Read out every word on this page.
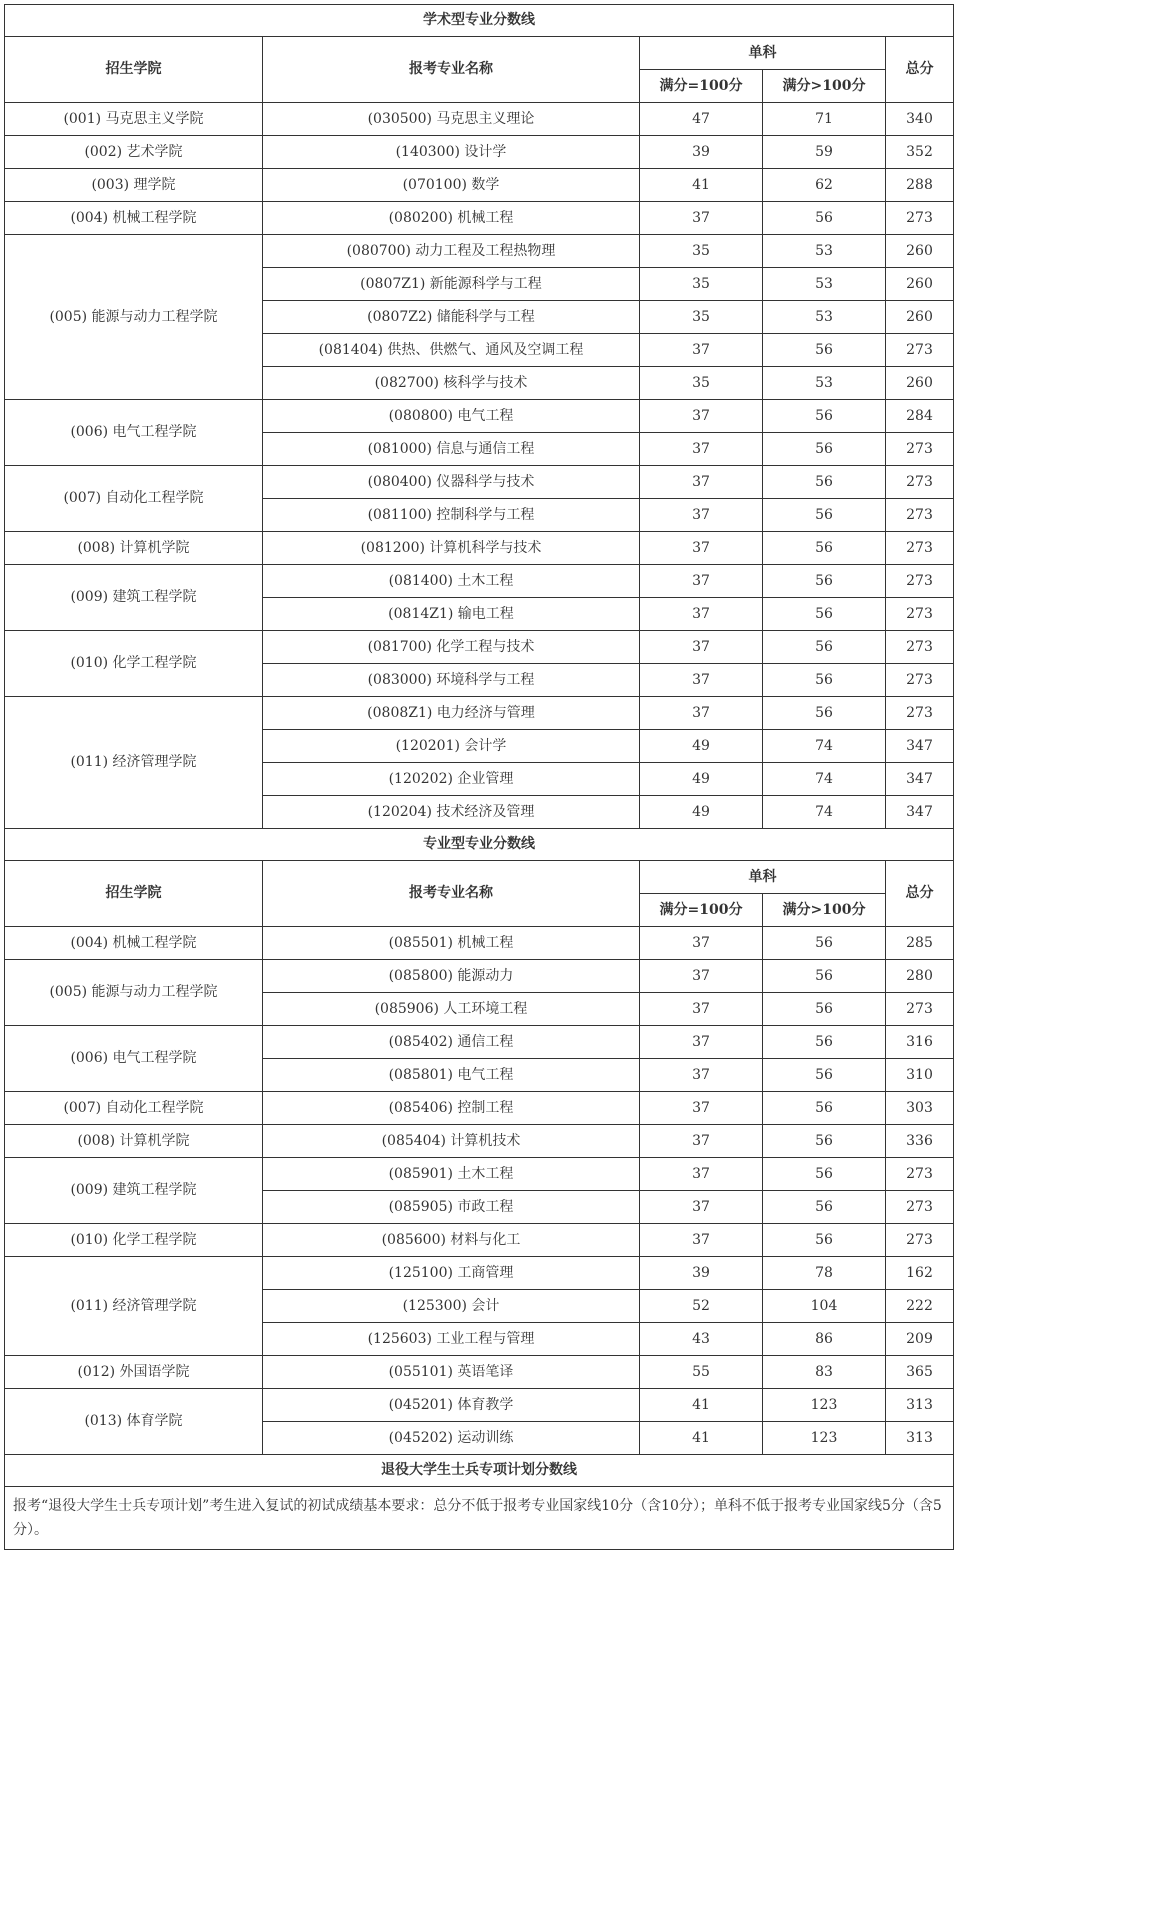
学术型专业分数线				
招生学院	报考专业名称	单科		总分
		满分=100分	满分>100分	
(001) 马克思主义学院	(030500) 马克思主义理论	47	71	340
(002) 艺术学院	(140300) 设计学	39	59	352
(003) 理学院	(070100) 数学	41	62	288
(004) 机械工程学院	(080200) 机械工程	37	56	273
(005) 能源与动力工程学院	(080700) 动力工程及工程热物理	35	53	260
	(0807Z1) 新能源科学与工程	35	53	260
	(0807Z2) 储能科学与工程	35	53	260
	(081404) 供热、供燃气、通风及空调工程	37	56	273
	(082700) 核科学与技术	35	53	260
(006) 电气工程学院	(080800) 电气工程	37	56	284
	(081000) 信息与通信工程	37	56	273
(007) 自动化工程学院	(080400) 仪器科学与技术	37	56	273
	(081100) 控制科学与工程	37	56	273
(008) 计算机学院	(081200) 计算机科学与技术	37	56	273
(009) 建筑工程学院	(081400) 土木工程	37	56	273
	(0814Z1) 输电工程	37	56	273
(010) 化学工程学院	(081700) 化学工程与技术	37	56	273
	(083000) 环境科学与工程	37	56	273
(011) 经济管理学院	(0808Z1) 电力经济与管理	37	56	273
	(120201) 会计学	49	74	347
	(120202) 企业管理	49	74	347
	(120204) 技术经济及管理	49	74	347
专业型专业分数线				
招生学院	报考专业名称	单科		总分
		满分=100分	满分>100分	
(004) 机械工程学院	(085501) 机械工程	37	56	285
(005) 能源与动力工程学院	(085800) 能源动力	37	56	280
	(085906) 人工环境工程	37	56	273
(006) 电气工程学院	(085402) 通信工程	37	56	316
	(085801) 电气工程	37	56	310
(007) 自动化工程学院	(085406) 控制工程	37	56	303
(008) 计算机学院	(085404) 计算机技术	37	56	336
(009) 建筑工程学院	(085901) 土木工程	37	56	273
	(085905) 市政工程	37	56	273
(010) 化学工程学院	(085600) 材料与化工	37	56	273
(011) 经济管理学院	(125100) 工商管理	39	78	162
	(125300) 会计	52	104	222
	(125603) 工业工程与管理	43	86	209
(012) 外国语学院	(055101) 英语笔译	55	83	365
(013) 体育学院	(045201) 体育教学	41	123	313
	(045202) 运动训练	41	123	313
退役大学生士兵专项计划分数线				
报考“退役大学生士兵专项计划”考生进入复试的初试成绩基本要求：总分不低于报考专业国家线10分（含10分）；单科不低于报考专业国家线5分（含5分）。				
